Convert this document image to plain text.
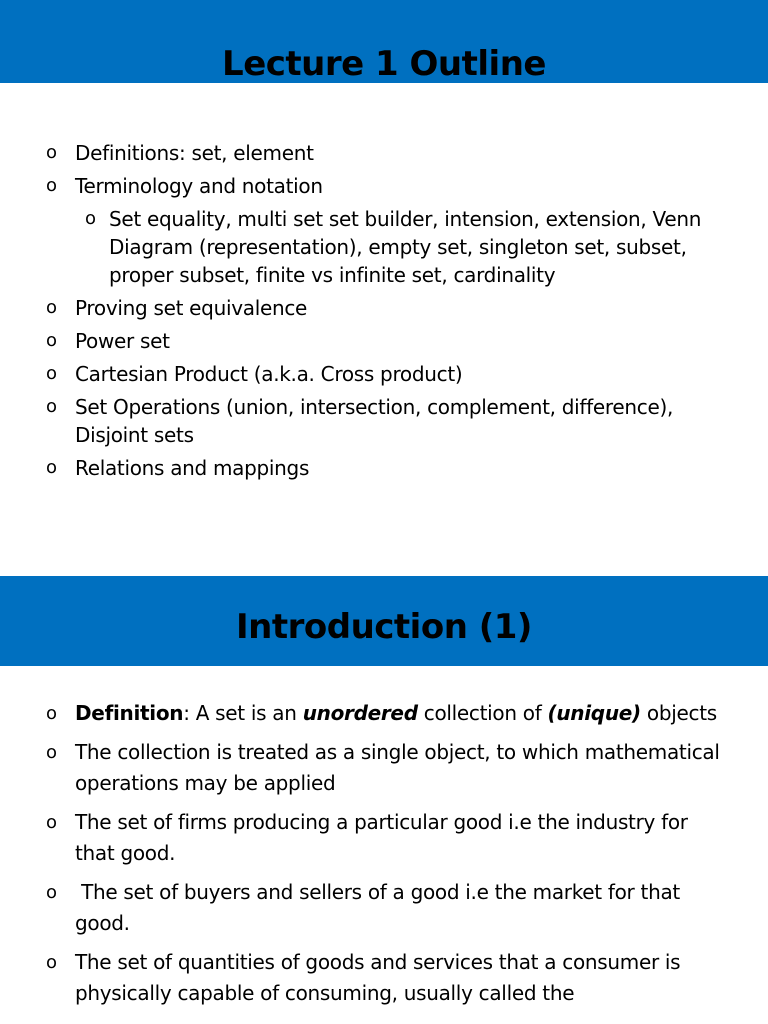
Lecture 1 Outline
o Definitions: set, element
o Terminology and notation
o Set equality, multi set set builder, intension, extension, Venn Diagram (representation), empty set, singleton set, subset, proper subset, finite vs infinite set, cardinality
o Proving set equivalence
o Power set
o Cartesian Product (a.k.a. Cross product)
o Set Operations (union, intersection, complement, difference), Disjoint sets
o Relations and mappings
Introduction (1)
o Definition: A set is an unordered collection of (unique) objects
o The collection is treated as a single object, to which mathematical operations may be applied
o The set of firms producing a particular good i.e the industry for that good.
o The set of buyers and sellers of a good i.e the market for that good.
o The set of quantities of goods and services that a consumer is physically capable of consuming, usually called the
